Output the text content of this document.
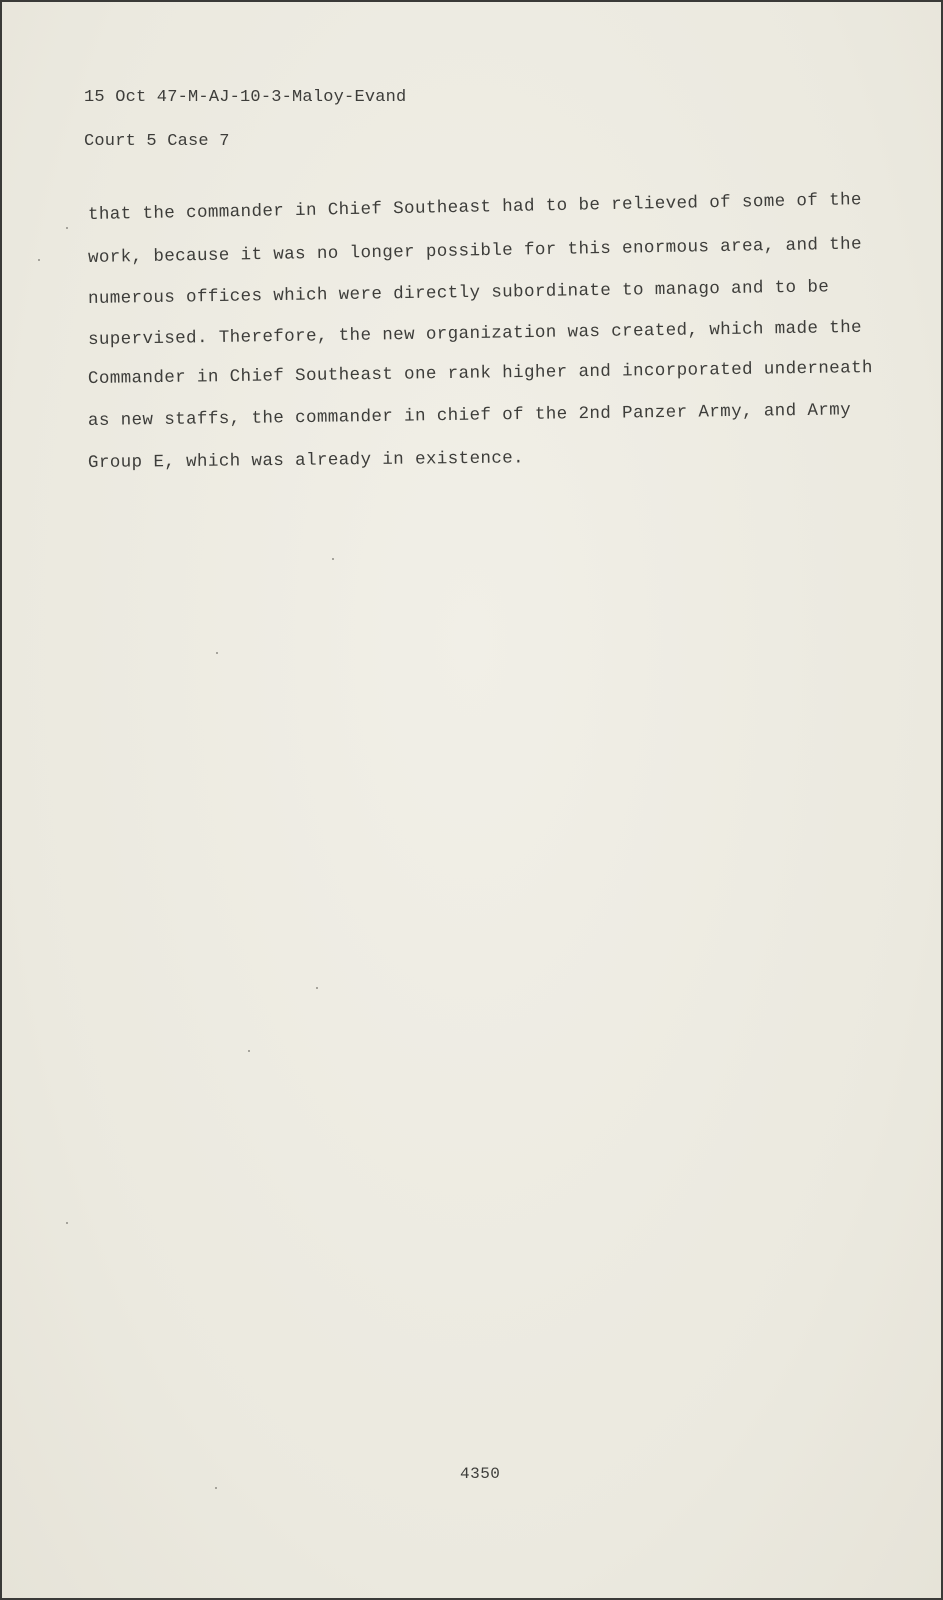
15 Oct 47-M-AJ-10-3-Maloy-Evand
Court 5 Case 7
that the commander in Chief Southeast had to be relieved of some of the
work, because it was no longer possible for this enormous area, and the
numerous offices which were directly subordinate to manago and to be
supervised. Therefore, the new organization was created, which made the
Commander in Chief Southeast one rank higher and incorporated underneath
as new staffs, the commander in chief of the 2nd Panzer Army, and Army
Group E, which was already in existence.
4350
